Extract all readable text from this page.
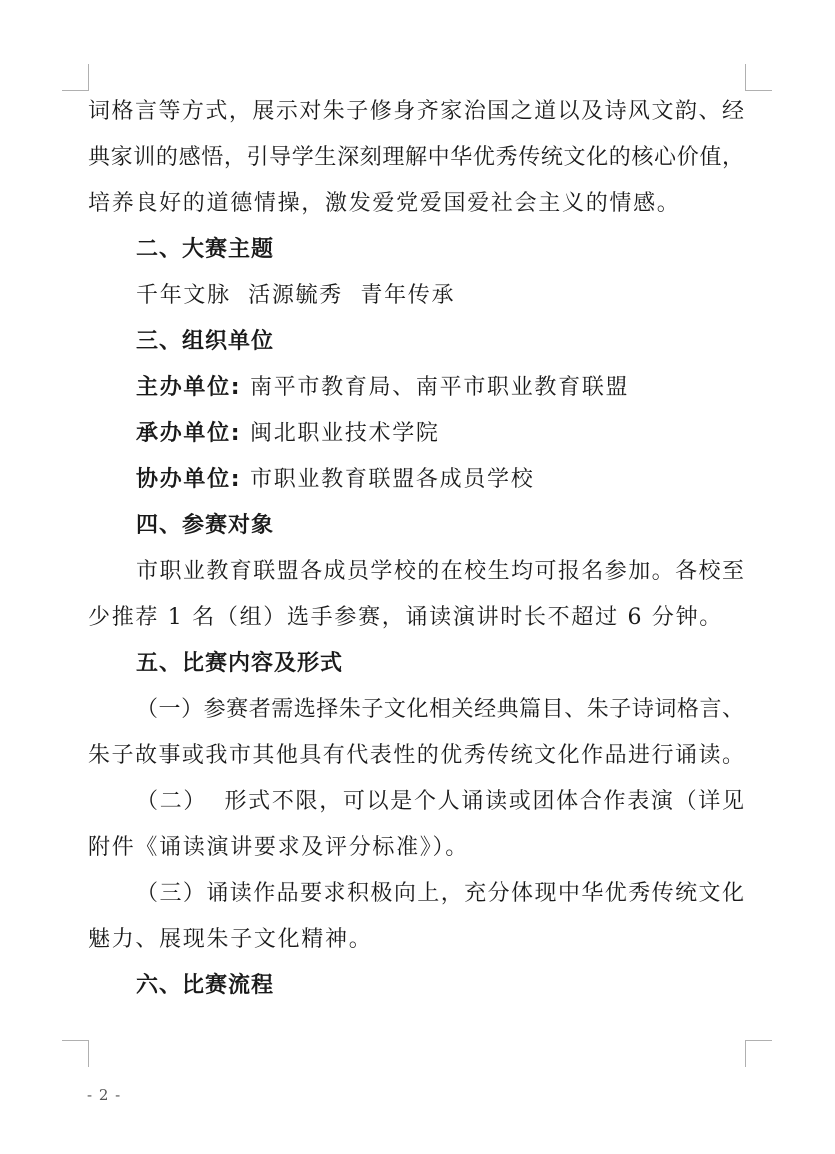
词格言等方式，展示对朱子修身齐家治国之道以及诗风文韵、经
典家训的感悟，引导学生深刻理解中华优秀传统文化的核心价值，
培养良好的道德情操，激发爱党爱国爱社会主义的情感。
二、大赛主题
千年文脉  活源毓秀  青年传承
三、组织单位
主办单位: 南平市教育局、南平市职业教育联盟
承办单位: 闽北职业技术学院
协办单位: 市职业教育联盟各成员学校
四、参赛对象
市职业教育联盟各成员学校的在校生均可报名参加。各校至
少推荐 1 名（组）选手参赛，诵读演讲时长不超过 6 分钟。
五、比赛内容及形式
（一）参赛者需选择朱子文化相关经典篇目、朱子诗词格言、
朱子故事或我市其他具有代表性的优秀传统文化作品进行诵读。
（二）  形式不限，可以是个人诵读或团体合作表演（详见
附件《诵读演讲要求及评分标准》）。
（三）诵读作品要求积极向上，充分体现中华优秀传统文化
魅力、展现朱子文化精神。
六、比赛流程
- 2 -
